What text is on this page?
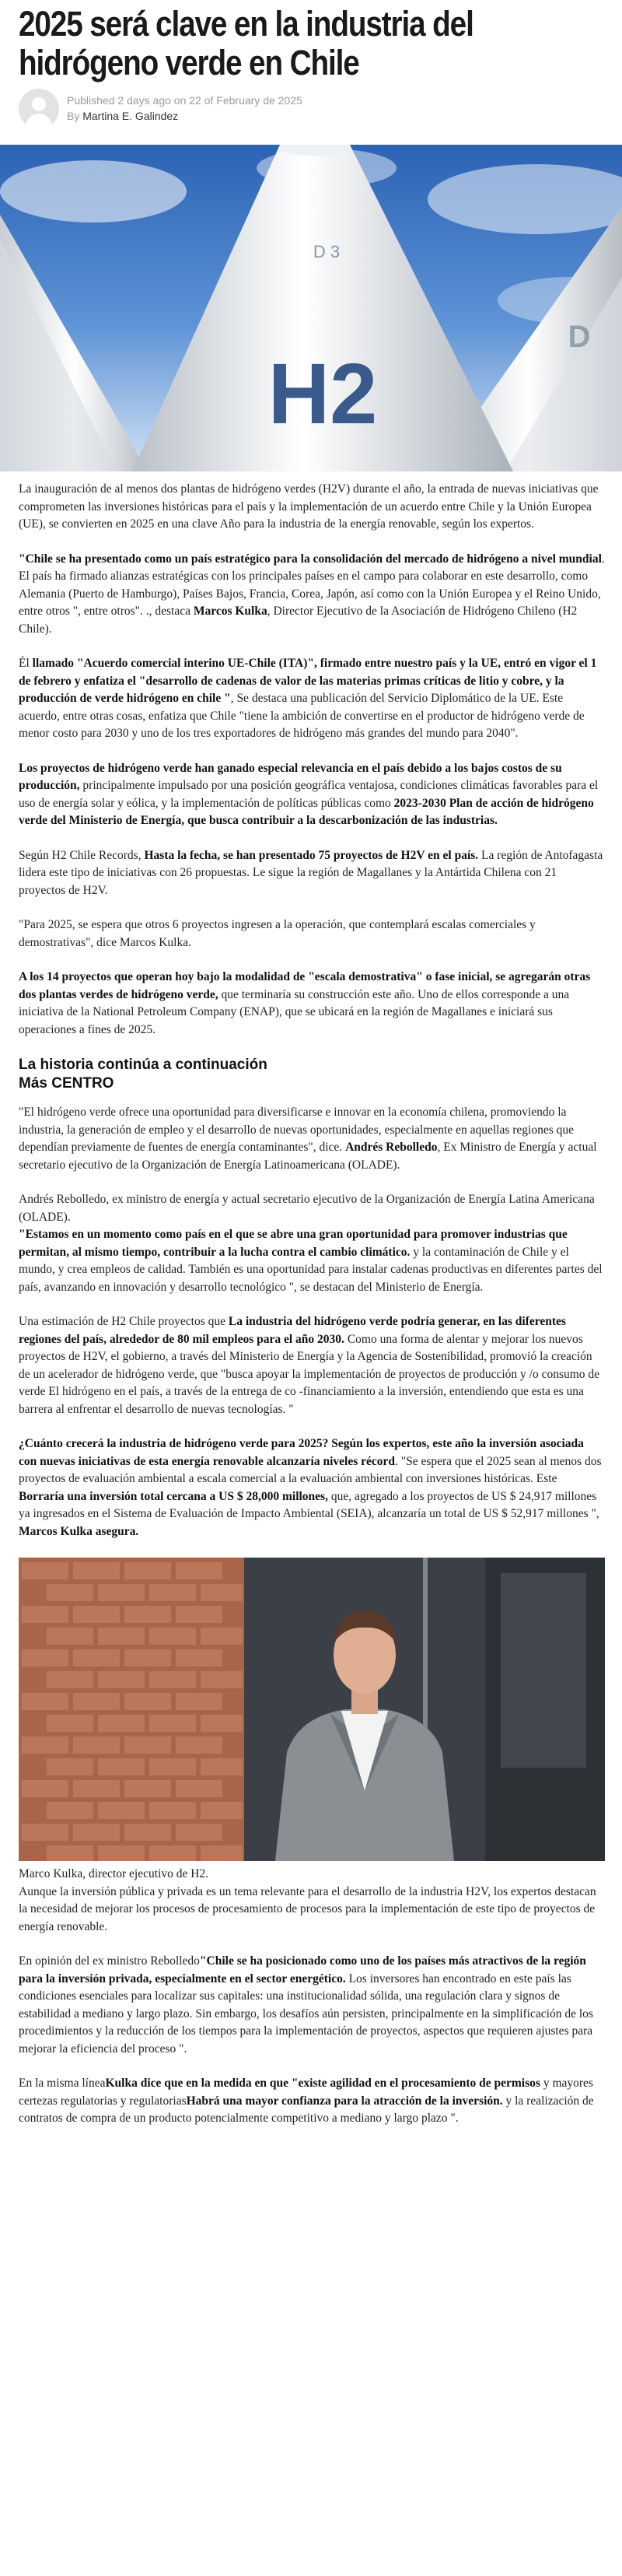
2025 será clave en la industria del hidrógeno verde en Chile
Published 2 days ago on 22 of February de 2025
By Martina E. Galindez
H2
D 3
D

La inauguración de al menos dos plantas de hidrógeno verdes (H2V) durante el año, la entrada de nuevas iniciativas que comprometen las inversiones históricas para el país y la implementación de un acuerdo entre Chile y la Unión Europea (UE), se convierten en 2025 en una clave Año para la industria de la energía renovable, según los expertos.

"Chile se ha presentado como un país estratégico para la consolidación del mercado de hidrógeno a nivel mundial. El país ha firmado alianzas estratégicas con los principales países en el campo para colaborar en este desarrollo, como Alemania (Puerto de Hamburgo), Países Bajos, Francia, Corea, Japón, así como con la Unión Europea y el Reino Unido, entre otros ", entre otros". ., destaca Marcos Kulka, Director Ejecutivo de la Asociación de Hidrógeno Chileno (H2 Chile).

Él llamado "Acuerdo comercial interino UE-Chile (ITA)", firmado entre nuestro país y la UE, entró en vigor el 1 de febrero y enfatiza el "desarrollo de cadenas de valor de las materias primas críticas de litio y cobre, y la producción de verde hidrógeno en chile ", Se destaca una publicación del Servicio Diplomático de la UE. Este acuerdo, entre otras cosas, enfatiza que Chile "tiene la ambición de convertirse en el productor de hidrógeno verde de menor costo para 2030 y uno de los tres exportadores de hidrógeno más grandes del mundo para 2040".

Los proyectos de hidrógeno verde han ganado especial relevancia en el país debido a los bajos costos de su producción, principalmente impulsado por una posición geográfica ventajosa, condiciones climáticas favorables para el uso de energía solar y eólica, y la implementación de políticas públicas como 2023-2030 Plan de acción de hidrógeno verde del Ministerio de Energía, que busca contribuir a la descarbonización de las industrias.

Según H2 Chile Records, Hasta la fecha, se han presentado 75 proyectos de H2V en el país. La región de Antofagasta lidera este tipo de iniciativas con 26 propuestas. Le sigue la región de Magallanes y la Antártida Chilena con 21 proyectos de H2V.

"Para 2025, se espera que otros 6 proyectos ingresen a la operación, que contemplará escalas comerciales y demostrativas", dice Marcos Kulka.

A los 14 proyectos que operan hoy bajo la modalidad de "escala demostrativa" o fase inicial, se agregarán otras dos plantas verdes de hidrógeno verde, que terminaría su construcción este año. Uno de ellos corresponde a una iniciativa de la National Petroleum Company (ENAP), que se ubicará en la región de Magallanes e iniciará sus operaciones a fines de 2025.

La historia continúa a continuación
Más CENTRO

"El hidrógeno verde ofrece una oportunidad para diversificarse e innovar en la economía chilena, promoviendo la industria, la generación de empleo y el desarrollo de nuevas oportunidades, especialmente en aquellas regiones que dependían previamente de fuentes de energía contaminantes", dice. Andrés Rebolledo, Ex Ministro de Energía y actual secretario ejecutivo de la Organización de Energía Latinoamericana (OLADE).

Andrés Rebolledo, ex ministro de energía y actual secretario ejecutivo de la Organización de Energía Latina Americana (OLADE).
"Estamos en un momento como país en el que se abre una gran oportunidad para promover industrias que permitan, al mismo tiempo, contribuir a la lucha contra el cambio climático. y la contaminación de Chile y el mundo, y crea empleos de calidad. También es una oportunidad para instalar cadenas productivas en diferentes partes del país, avanzando en innovación y desarrollo tecnológico ", se destacan del Ministerio de Energía.

Una estimación de H2 Chile proyectos que La industria del hidrógeno verde podría generar, en las diferentes regiones del país, alrededor de 80 mil empleos para el año 2030. Como una forma de alentar y mejorar los nuevos proyectos de H2V, el gobierno, a través del Ministerio de Energía y la Agencia de Sostenibilidad, promovió la creación de un acelerador de hidrógeno verde, que "busca apoyar la implementación de proyectos de producción y /o consumo de verde El hidrógeno en el país, a través de la entrega de co -financiamiento a la inversión, entendiendo que esta es una barrera al enfrentar el desarrollo de nuevas tecnologías. "

¿Cuánto crecerá la industria de hidrógeno verde para 2025? Según los expertos, este año la inversión asociada con nuevas iniciativas de esta energía renovable alcanzaría niveles récord. "Se espera que el 2025 sean al menos dos proyectos de evaluación ambiental a escala comercial a la evaluación ambiental con inversiones históricas. Este Borraría una inversión total cercana a US $ 28,000 millones, que, agregado a los proyectos de US $ 24,917 millones ya ingresados en el Sistema de Evaluación de Impacto Ambiental (SEIA), alcanzaría un total de US $ 52,917 millones ", Marcos Kulka asegura.

Marco Kulka, director ejecutivo de H2.

Aunque la inversión pública y privada es un tema relevante para el desarrollo de la industria H2V, los expertos destacan la necesidad de mejorar los procesos de procesamiento de procesos para la implementación de este tipo de proyectos de energía renovable.

En opinión del ex ministro Rebolledo"Chile se ha posicionado como uno de los países más atractivos de la región para la inversión privada, especialmente en el sector energético. Los inversores han encontrado en este país las condiciones esenciales para localizar sus capitales: una institucionalidad sólida, una regulación clara y signos de estabilidad a mediano y largo plazo. Sin embargo, los desafíos aún persisten, principalmente en la simplificación de los procedimientos y la reducción de los tiempos para la implementación de proyectos, aspectos que requieren ajustes para mejorar la eficiencia del proceso ".

En la misma líneaKulka dice que en la medida en que "existe agilidad en el procesamiento de permisos y mayores certezas regulatorias y regulatoriasHabrá una mayor confianza para la atracción de la inversión. y la realización de contratos de compra de un producto potencialmente competitivo a mediano y largo plazo ".
